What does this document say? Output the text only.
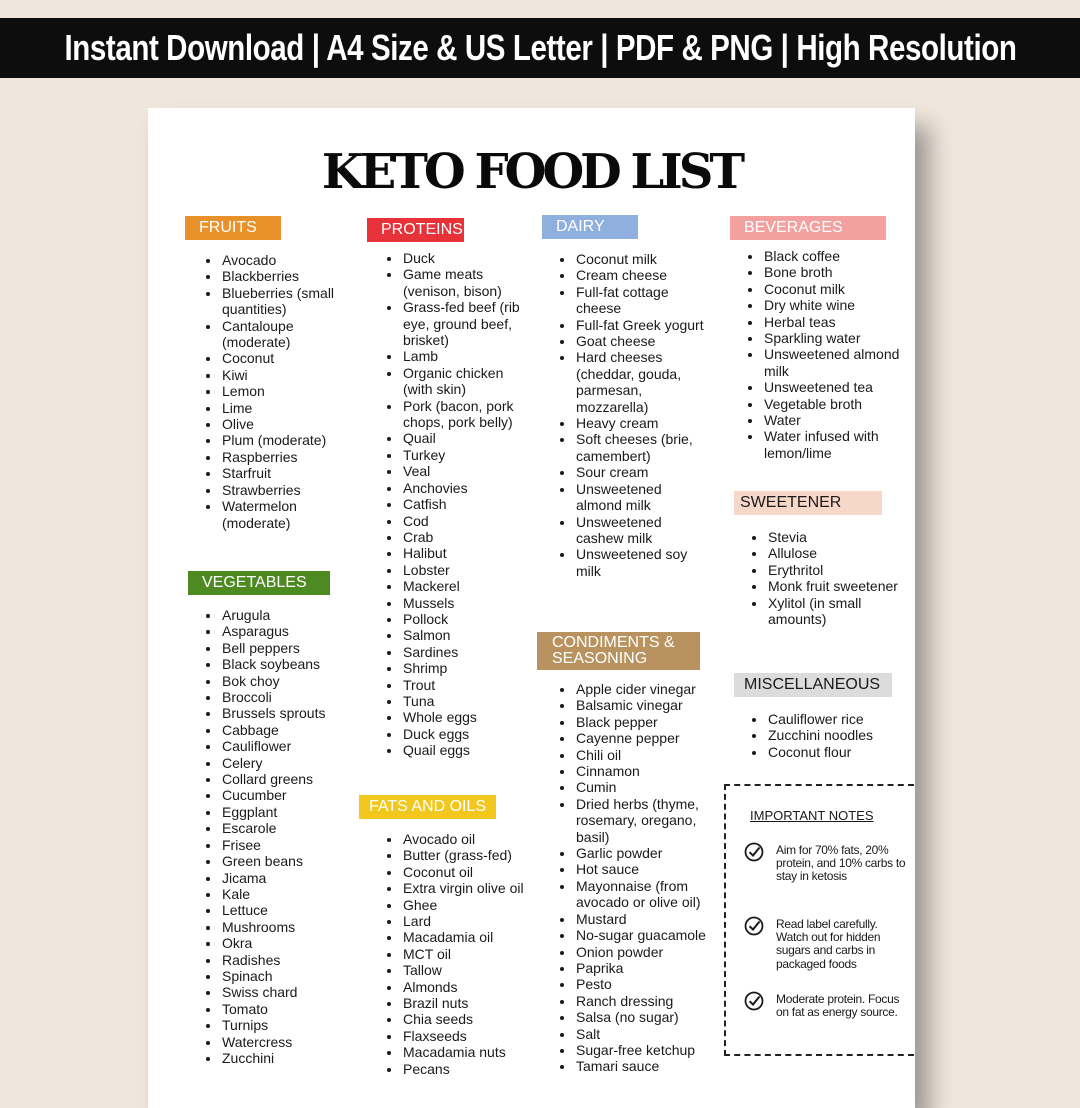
Instant Download | A4 Size & US Letter | PDF & PNG | High Resolution
KETO FOOD LIST
FRUITS
Avocado
Blackberries
Blueberries (small quantities)
Cantaloupe (moderate)
Coconut
Kiwi
Lemon
Lime
Olive
Plum (moderate)
Raspberries
Starfruit
Strawberries
Watermelon (moderate)
VEGETABLES
Arugula
Asparagus
Bell peppers
Black soybeans
Bok choy
Broccoli
Brussels sprouts
Cabbage
Cauliflower
Celery
Collard greens
Cucumber
Eggplant
Escarole
Frisee
Green beans
Jicama
Kale
Lettuce
Mushrooms
Okra
Radishes
Spinach
Swiss chard
Tomato
Turnips
Watercress
Zucchini
PROTEINS
Duck
Game meats (venison, bison)
Grass-fed beef (rib eye, ground beef, brisket)
Lamb
Organic chicken (with skin)
Pork (bacon, pork chops, pork belly)
Quail
Turkey
Veal
Anchovies
Catfish
Cod
Crab
Halibut
Lobster
Mackerel
Mussels
Pollock
Salmon
Sardines
Shrimp
Trout
Tuna
Whole eggs
Duck eggs
Quail eggs
FATS AND OILS
Avocado oil
Butter (grass-fed)
Coconut oil
Extra virgin olive oil
Ghee
Lard
Macadamia oil
MCT oil
Tallow
Almonds
Brazil nuts
Chia seeds
Flaxseeds
Macadamia nuts
Pecans
DAIRY
Coconut milk
Cream cheese
Full-fat cottage cheese
Full-fat Greek yogurt
Goat cheese
Hard cheeses (cheddar, gouda, parmesan, mozzarella)
Heavy cream
Soft cheeses (brie, camembert)
Sour cream
Unsweetened almond milk
Unsweetened cashew milk
Unsweetened soy milk
CONDIMENTS & SEASONING
Apple cider vinegar
Balsamic vinegar
Black pepper
Cayenne pepper
Chili oil
Cinnamon
Cumin
Dried herbs (thyme, rosemary, oregano, basil)
Garlic powder
Hot sauce
Mayonnaise (from avocado or olive oil)
Mustard
No-sugar guacamole
Onion powder
Paprika
Pesto
Ranch dressing
Salsa (no sugar)
Salt
Sugar-free ketchup
Tamari sauce
BEVERAGES
Black coffee
Bone broth
Coconut milk
Dry white wine
Herbal teas
Sparkling water
Unsweetened almond milk
Unsweetened tea
Vegetable broth
Water
Water infused with lemon/lime
SWEETENER
Stevia
Allulose
Erythritol
Monk fruit sweetener
Xylitol (in small amounts)
MISCELLANEOUS
Cauliflower rice
Zucchini noodles
Coconut flour
IMPORTANT NOTES
Aim for 70% fats, 20% protein, and 10% carbs to stay in ketosis
Read label carefully. Watch out for hidden sugars and carbs in packaged foods
Moderate protein. Focus on fat as energy source.
